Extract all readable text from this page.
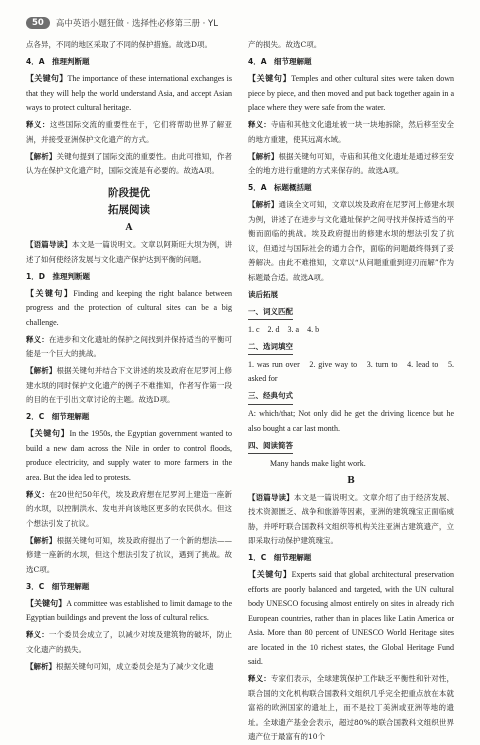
50	高中英语小题狂做 · 选择性必修第三册 · YL

点各异，不同的地区采取了不同的保护措施。故选D项。

4．A　推理判断题

【关键句】The importance of these international exchanges is that they will help the world understand Asia, and accept Asian ways to protect cultural heritage.

释义：这些国际交流的重要性在于，它们将帮助世界了解亚洲，并接受亚洲保护文化遗产的方式。

【解析】关键句提到了国际交流的重要性。由此可推知，作者认为在保护文化遗产时，国际交流是有必要的。故选A项。

阶段提优

拓展阅读

A

【语篇导读】本文是一篇说明文。文章以阿斯旺大坝为例，讲述了如何使经济发展与文化遗产保护达到平衡的问题。

1．D　推理判断题

【关键句】Finding and keeping the right balance between progress and the protection of cultural sites can be a big challenge.

释义：在进步和文化遗址的保护之间找到并保持适当的平衡可能是一个巨大的挑战。

【解析】根据关键句并结合下文讲述的埃及政府在尼罗河上修建水坝的同时保护文化遗产的例子不难推知，作者写作第一段的目的在于引出文章讨论的主题。故选D项。

2．C　细节理解题

【关键句】In the 1950s, the Egyptian government wanted to build a new dam across the Nile in order to control floods, produce electricity, and supply water to more farmers in the area. But the idea led to protests.

释义：在20世纪50年代，埃及政府想在尼罗河上建造一座新的水坝，以控制洪水、发电并向该地区更多的农民供水。但这个想法引发了抗议。

【解析】根据关键句可知，埃及政府提出了一个新的想法——修建一座新的水坝，但这个想法引发了抗议，遇到了挑战。故选C项。

3．C　细节理解题

【关键句】A committee was established to limit damage to the Egyptian buildings and prevent the loss of cultural relics.

释义：一个委员会成立了，以减少对埃及建筑物的破坏，防止文化遗产的损失。

【解析】根据关键句可知，成立委员会是为了减少文化遗

产的损失。故选C项。

4．A　细节理解题

【关键句】Temples and other cultural sites were taken down piece by piece, and then moved and put back together again in a place where they were safe from the water.

释义：寺庙和其他文化遗址被一块一块地拆除，然后移至安全的地方重建，使其远离水域。

【解析】根据关键句可知，寺庙和其他文化遗址是通过移至安全的地方进行重建的方式来保存的。故选A项。

5．A　标题概括题

【解析】通读全文可知，文章以埃及政府在尼罗河上修建水坝为例，讲述了在进步与文化遗址保护之间寻找并保持适当的平衡而面临的挑战。埃及政府提出的修建水坝的想法引发了抗议，但通过与国际社会的通力合作，面临的问题最终得到了妥善解决。由此不难推知，文章以“从问题重重到迎刃而解”作为标题最合适。故选A项。

读后拓展

一、词义匹配

1. c　2. d　3. a　4. b

二、选词填空

1. was run over　2. give way to　3. turn to　4. lead to　5. asked for

三、经典句式

A: which/that; Not only did he get the driving licence but he also bought a car last month.

四、阅读简答

Many hands make light work.

B

【语篇导读】本文是一篇说明文。文章介绍了由于经济发展、技术资源匮乏、战争和旅游等因素，亚洲的建筑瑰宝正面临威胁，并呼吁联合国教科文组织等机构关注亚洲古建筑遗产，立即采取行动保护建筑瑰宝。

1．C　细节理解题

【关键句】Experts said that global architectural preservation efforts are poorly balanced and targeted, with the UN cultural body UNESCO focusing almost entirely on sites in already rich European countries, rather than in places like Latin America or Asia. More than 80 percent of UNESCO World Heritage sites are located in the 10 richest states, the Global Heritage Fund said.

释义：专家们表示，全球建筑保护工作缺乏平衡性和针对性，联合国的文化机构联合国教科文组织几乎完全把重点放在本就富裕的欧洲国家的遗址上，而不是拉丁美洲或亚洲等地的遗址。全球遗产基金会表示，超过80%的联合国教科文组织世界遗产位于最富有的10个
